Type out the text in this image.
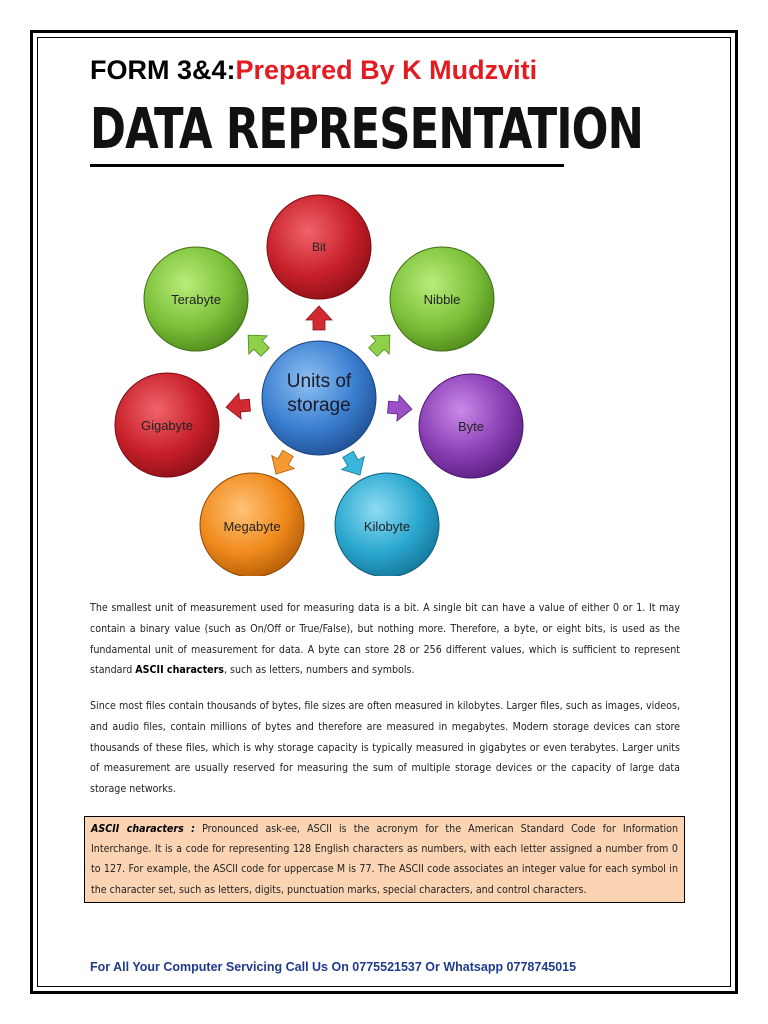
FORM 3&4:Prepared By K Mudzviti
DATA REPRESENTATION
Bit
Nibble
Byte
Kilobyte
Megabyte
Gigabyte
Terabyte
Units of
storage
The smallest unit of measurement used for measuring data is a bit. A single bit can have a value of either 0 or 1. It may contain a binary value (such as On/Off or True/False), but nothing more. Therefore, a byte, or eight bits, is used as the fundamental unit of measurement for data. A byte can store 28 or 256 different values, which is sufficient to represent standard ASCII characters, such as letters, numbers and symbols.
Since most files contain thousands of bytes, file sizes are often measured in kilobytes. Larger files, such as images, videos, and audio files, contain millions of bytes and therefore are measured in megabytes. Modern storage devices can store thousands of these files, which is why storage capacity is typically measured in gigabytes or even terabytes. Larger units of measurement are usually reserved for measuring the sum of multiple storage devices or the capacity of large data storage networks.
ASCII characters : Pronounced ask-ee, ASCII is the acronym for the American Standard Code for Information Interchange. It is a code for representing 128 English characters as numbers, with each letter assigned a number from 0 to 127. For example, the ASCII code for uppercase M is 77. The ASCII code associates an integer value for each symbol in the character set, such as letters, digits, punctuation marks, special characters, and control characters.
For All Your Computer Servicing Call Us On 0775521537 Or Whatsapp 0778745015
